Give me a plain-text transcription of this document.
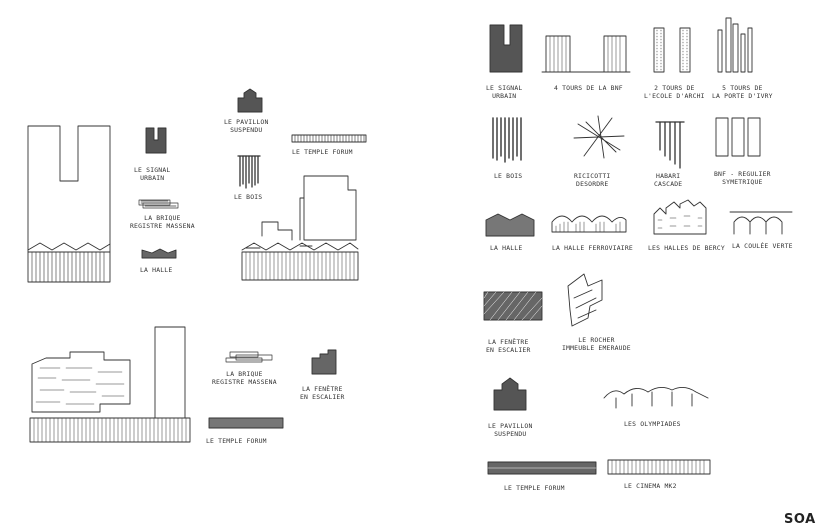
LE PAVILLON
SUSPENDU
LE SIGNAL
URBAIN
LE TEMPLE FORUM
LE BOIS
LA BRIQUE
REGISTRE MASSENA
LA HALLE
LA BRIQUE
REGISTRE MASSENA
LA FENÊTRE
EN ESCALIER
LE TEMPLE FORUM
LE SIGNAL
URBAIN
4 TOURS DE LA BNF	2 TOURS DE
L'ECOLE D'ARCHI
5 TOURS DE
LA PORTE D'IVRY
LE BOIS	RICICOTTI
DESORDRE
HABARI
CASCADE
BNF - REGULIER
SYMETRIQUE
LA HALLE	LA HALLE FERROVIAIRE LES HALLES DE BERCY LA COULÉE VERTE
LA FENÊTRE
EN ESCALIER
LE ROCHER
IMMEUBLE EMERAUDE
LE PAVILLON
SUSPENDU
LES OLYMPIADES
LE TEMPLE FORUM	LE CINEMA MK2
SOA
